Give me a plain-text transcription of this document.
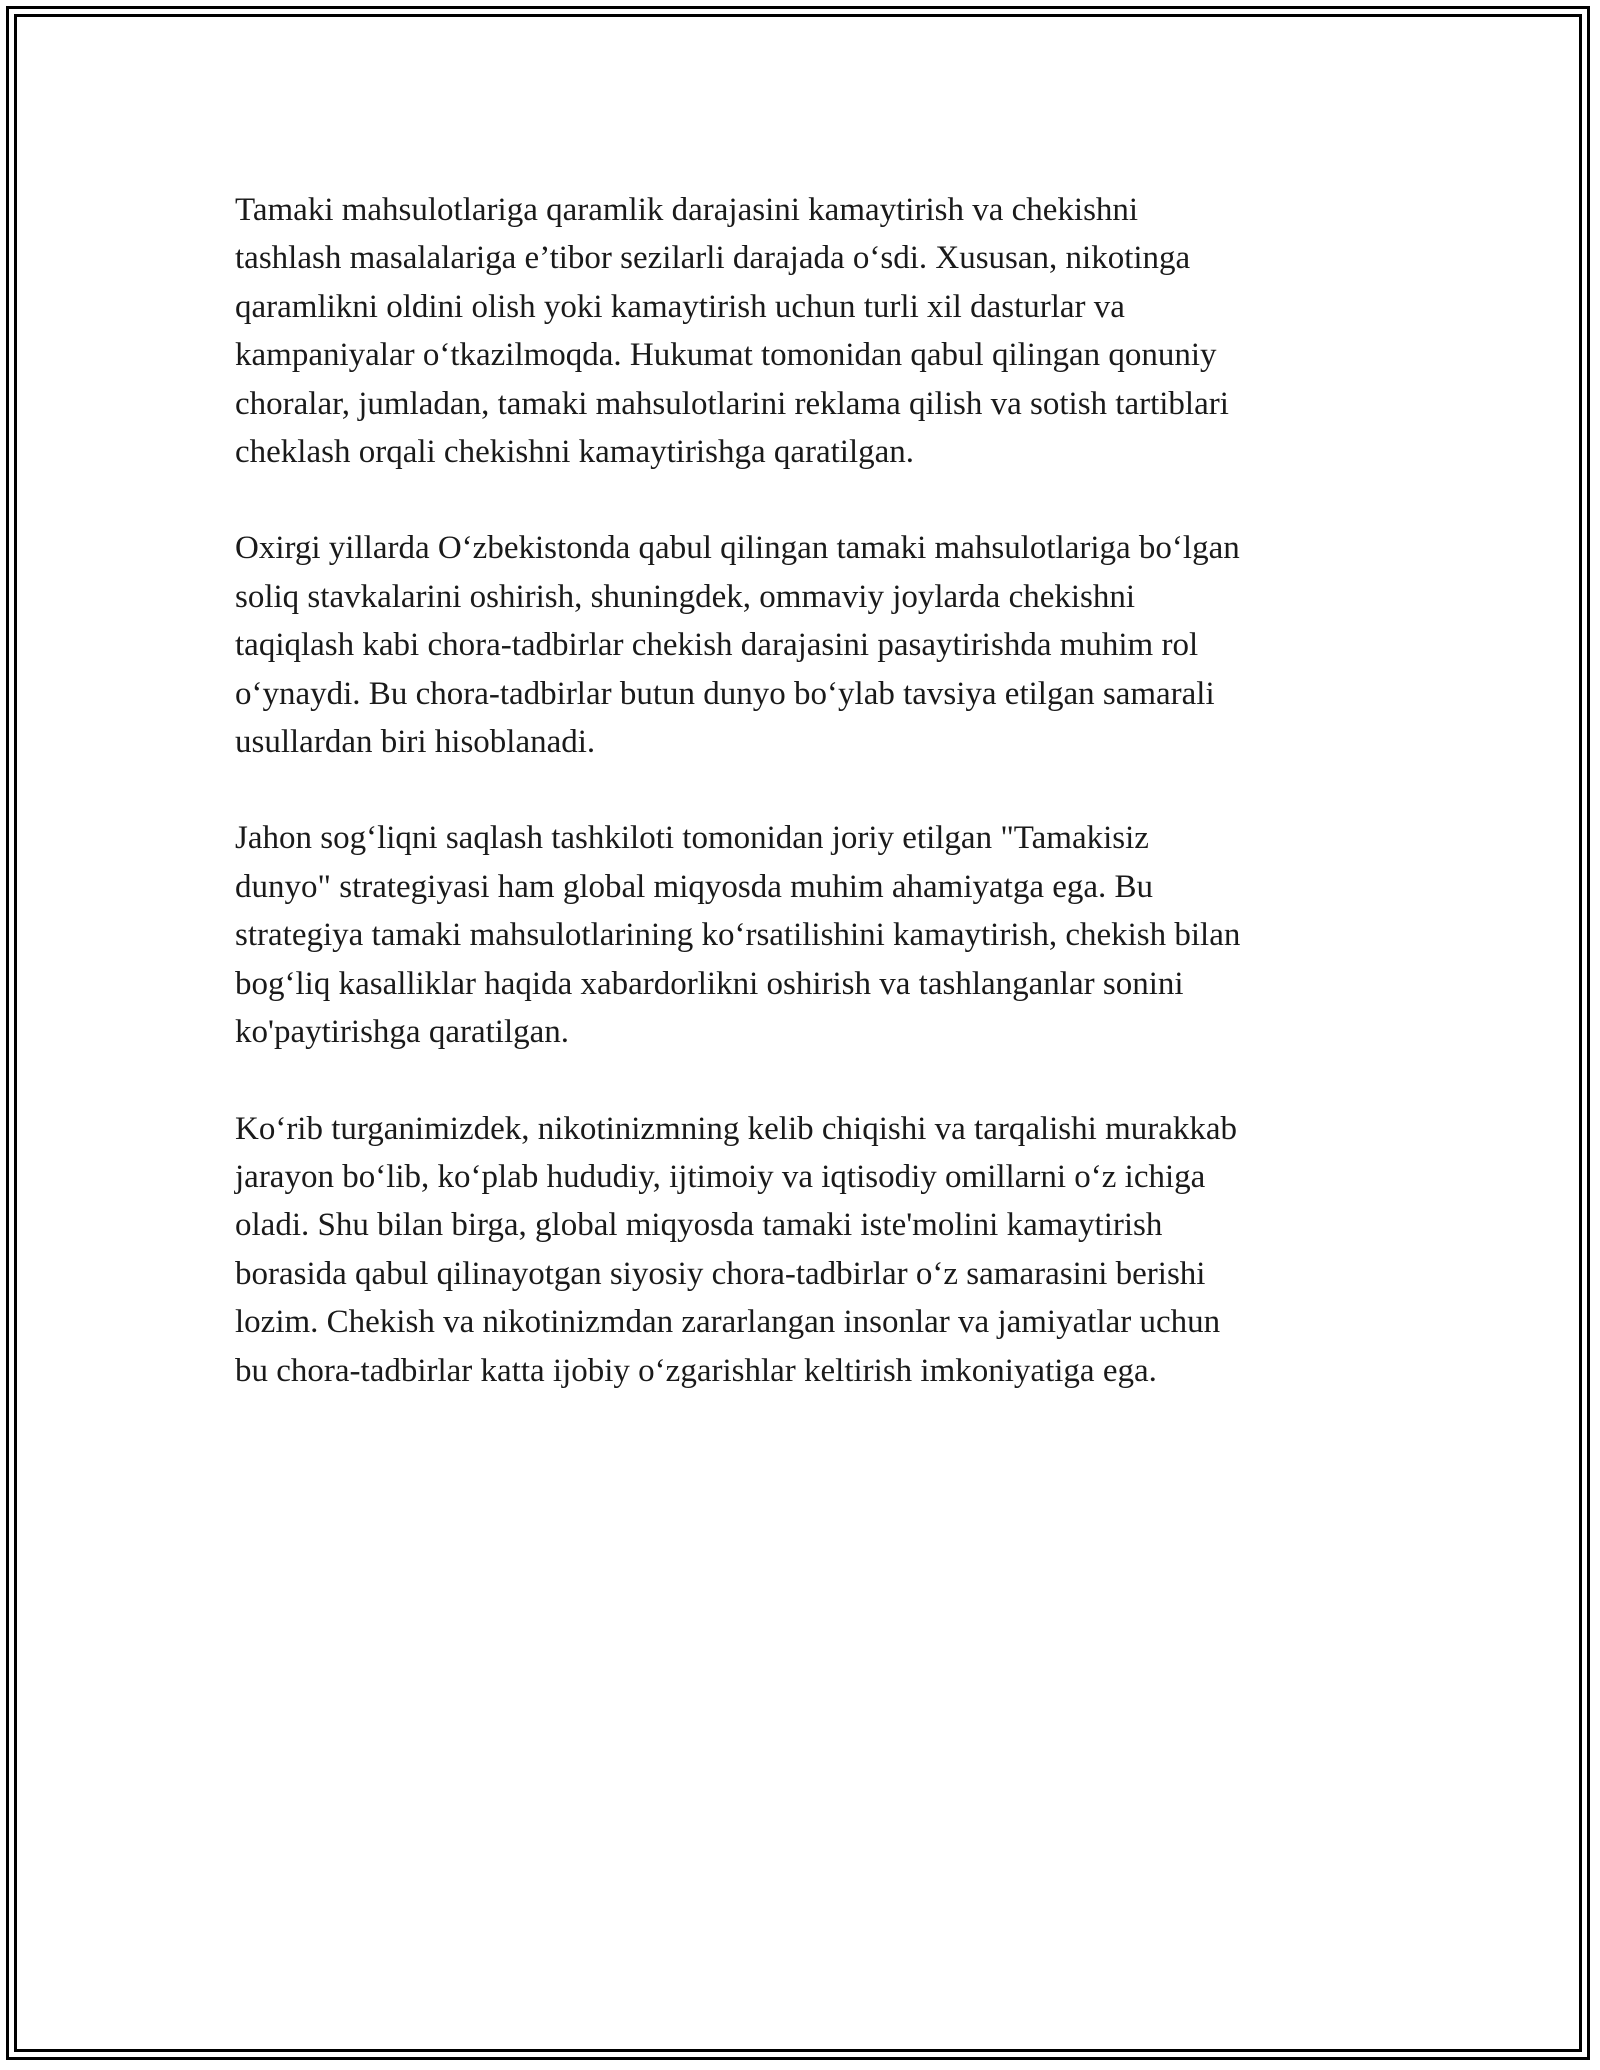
Tamaki mahsulotlariga qaramlik darajasini kamaytirish va chekishni
tashlash masalalariga e’tibor sezilarli darajada o‘sdi. Xususan, nikotinga
qaramlikni oldini olish yoki kamaytirish uchun turli xil dasturlar va
kampaniyalar o‘tkazilmoqda. Hukumat tomonidan qabul qilingan qonuniy
choralar, jumladan, tamaki mahsulotlarini reklama qilish va sotish tartiblari
cheklash orqali chekishni kamaytirishga qaratilgan.

Oxirgi yillarda O‘zbekistonda qabul qilingan tamaki mahsulotlariga bo‘lgan
soliq stavkalarini oshirish, shuningdek, ommaviy joylarda chekishni
taqiqlash kabi chora-tadbirlar chekish darajasini pasaytirishda muhim rol
o‘ynaydi. Bu chora-tadbirlar butun dunyo bo‘ylab tavsiya etilgan samarali
usullardan biri hisoblanadi.

Jahon sog‘liqni saqlash tashkiloti tomonidan joriy etilgan "Tamakisiz
dunyo" strategiyasi ham global miqyosda muhim ahamiyatga ega. Bu
strategiya tamaki mahsulotlarining ko‘rsatilishini kamaytirish, chekish bilan
bog‘liq kasalliklar haqida xabardorlikni oshirish va tashlanganlar sonini
ko'paytirishga qaratilgan.

Ko‘rib turganimizdek, nikotinizmning kelib chiqishi va tarqalishi murakkab
jarayon bo‘lib, ko‘plab hududiy, ijtimoiy va iqtisodiy omillarni o‘z ichiga
oladi. Shu bilan birga, global miqyosda tamaki iste'molini kamaytirish
borasida qabul qilinayotgan siyosiy chora-tadbirlar o‘z samarasini berishi
lozim. Chekish va nikotinizmdan zararlangan insonlar va jamiyatlar uchun
bu chora-tadbirlar katta ijobiy o‘zgarishlar keltirish imkoniyatiga ega.
